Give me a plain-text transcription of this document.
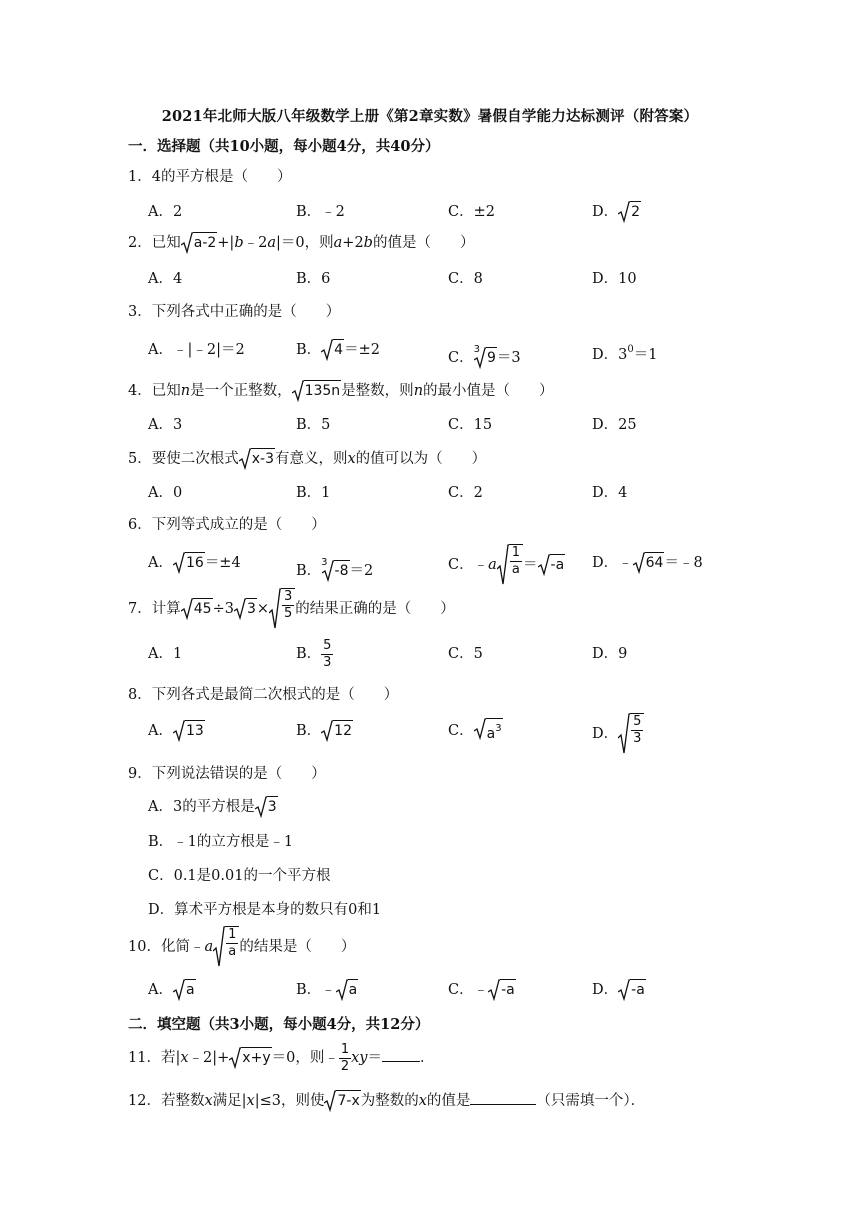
2021年北师大版八年级数学上册《第2章实数》暑假自学能力达标测评（附答案）
一．选择题（共10小题，每小题4分，共40分）
1．4的平方根是（　　）
A．2	B．﹣2	C．±2	D． 2
2．已知 a-2 +|b﹣2a|＝0，则a+2b的值是（　　）
A．4	B．6	C．8	D．10
3．下列各式中正确的是（　　）
A．﹣|﹣2|＝2	B． 4 ＝±2	C．$^3$
9 ＝3	D．$3^0=1$
4．已知n是一个正整数， 135n 是整数，则n的最小值是（　　）
A．3	B．5	C．15	D．25
5．要使二次根式 x-3 有意义，则x的值可以为（　　）
A．0	B．1	C．2	D．4
6．下列等式成立的是（　　）
A． 16 ＝±4	B．$^3$
-8 ＝2	C．﹣a $\frac{1}{a} = -a$ D．﹣ 64 ＝﹣8
7．计算 45 ÷3 $3 \times \frac{3}{5}$ 的结果正确的是（　　）
A．1	B． $\frac{5}{3}$	C．5	D．9
8．下列各式是最简二次根式的是（　　）
A． 13	B． 12	C． $a^3$	D． $\frac{5}{3}$
9．下列说法错误的是（　　）
A．3的平方根是 3
B．﹣1的立方根是﹣1
C．0.1是0.01的一个平方根
D．算术平方根是本身的数只有0和1
10．化简﹣a $\frac{1}{a}$ 的结果是（　　）
A． a	B．﹣ a	C．﹣ -a	D． -a
二．填空题（共3小题，每小题4分，共12分）
11．若|x﹣2|+ x+y ＝0，则﹣ $\frac{1}{2} xy=$	．
12．若整数x满足|x|≤3，则使 7-x 为整数的x的值是	（只需填一个）．
